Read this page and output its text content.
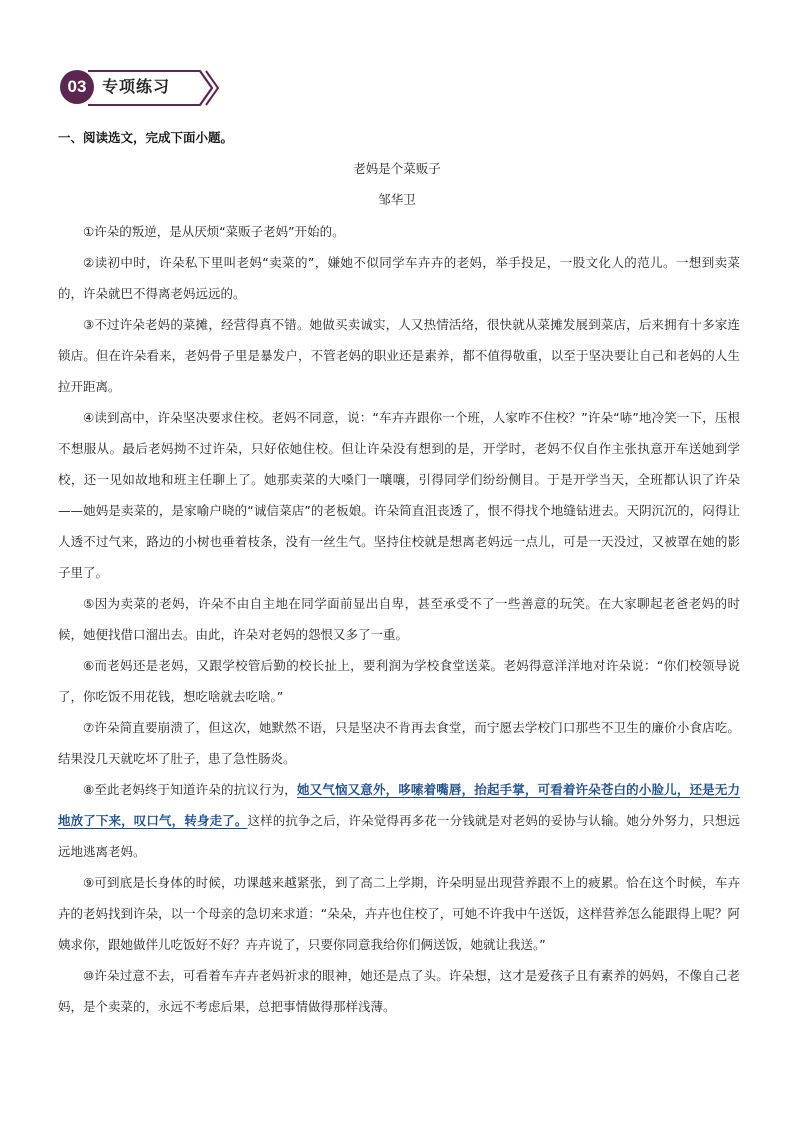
专项练习
03
一、阅读选文，完成下面小题。
老妈是个菜贩子
邹华卫

①许朵的叛逆，是从厌烦“菜贩子老妈”开始的。

②读初中时，许朵私下里叫老妈“卖菜的”，嫌她不似同学车卉卉的老妈，举手投足，一股文化人的范儿。一想到卖菜的，许朵就巴不得离老妈远远的。

③不过许朵老妈的菜摊，经营得真不错。她做买卖诚实，人又热情活络，很快就从菜摊发展到菜店，后来拥有十多家连锁店。但在许朵看来，老妈骨子里是暴发户，不管老妈的职业还是素养，都不值得敬重，以至于坚决要让自己和老妈的人生拉开距离。

④读到高中，许朵坚决要求住校。老妈不同意，说：“车卉卉跟你一个班，人家咋不住校？”许朵“哧”地冷笑一下，压根不想服从。最后老妈拗不过许朵，只好依她住校。但让许朵没有想到的是，开学时，老妈不仅自作主张执意开车送她到学校，还一见如故地和班主任聊上了。她那卖菜的大嗓门一嚷嚷，引得同学们纷纷侧目。于是开学当天，全班都认识了许朵——她妈是卖菜的，是家喻户晓的“诚信菜店”的老板娘。许朵简直沮丧透了，恨不得找个地缝钻进去。天阴沉沉的，闷得让人透不过气来，路边的小树也垂着枝条，没有一丝生气。坚持住校就是想离老妈远一点儿，可是一天没过，又被罩在她的影子里了。

⑤因为卖菜的老妈，许朵不由自主地在同学面前显出自卑，甚至承受不了一些善意的玩笑。在大家聊起老爸老妈的时候，她便找借口溜出去。由此，许朵对老妈的怨恨又多了一重。

⑥而老妈还是老妈，又跟学校管后勤的校长扯上，要利润为学校食堂送菜。老妈得意洋洋地对许朵说：“你们校领导说了，你吃饭不用花钱，想吃啥就去吃啥。”

⑦许朵简直要崩溃了，但这次，她默然不语，只是坚决不肯再去食堂，而宁愿去学校门口那些不卫生的廉价小食店吃。结果没几天就吃坏了肚子，患了急性肠炎。

⑧至此老妈终于知道许朵的抗议行为，她又气恼又意外，哆嗦着嘴唇，抬起手掌，可看着许朵苍白的小脸儿，还是无力地放了下来，叹口气，转身走了。这样的抗争之后，许朵觉得再多花一分钱就是对老妈的妥协与认输。她分外努力，只想远远地逃离老妈。

⑨可到底是长身体的时候，功课越来越紧张，到了高二上学期，许朵明显出现营养跟不上的疲累。恰在这个时候，车卉卉的老妈找到许朵，以一个母亲的急切来求道：“朵朵，卉卉也住校了，可她不许我中午送饭，这样营养怎么能跟得上呢？阿姨求你，跟她做伴儿吃饭好不好？卉卉说了，只要你同意我给你们俩送饭，她就让我送。”

⑩许朵过意不去，可看着车卉卉老妈祈求的眼神，她还是点了头。许朵想，这才是爱孩子且有素养的妈妈，不像自己老妈，是个卖菜的，永远不考虑后果，总把事情做得那样浅薄。
